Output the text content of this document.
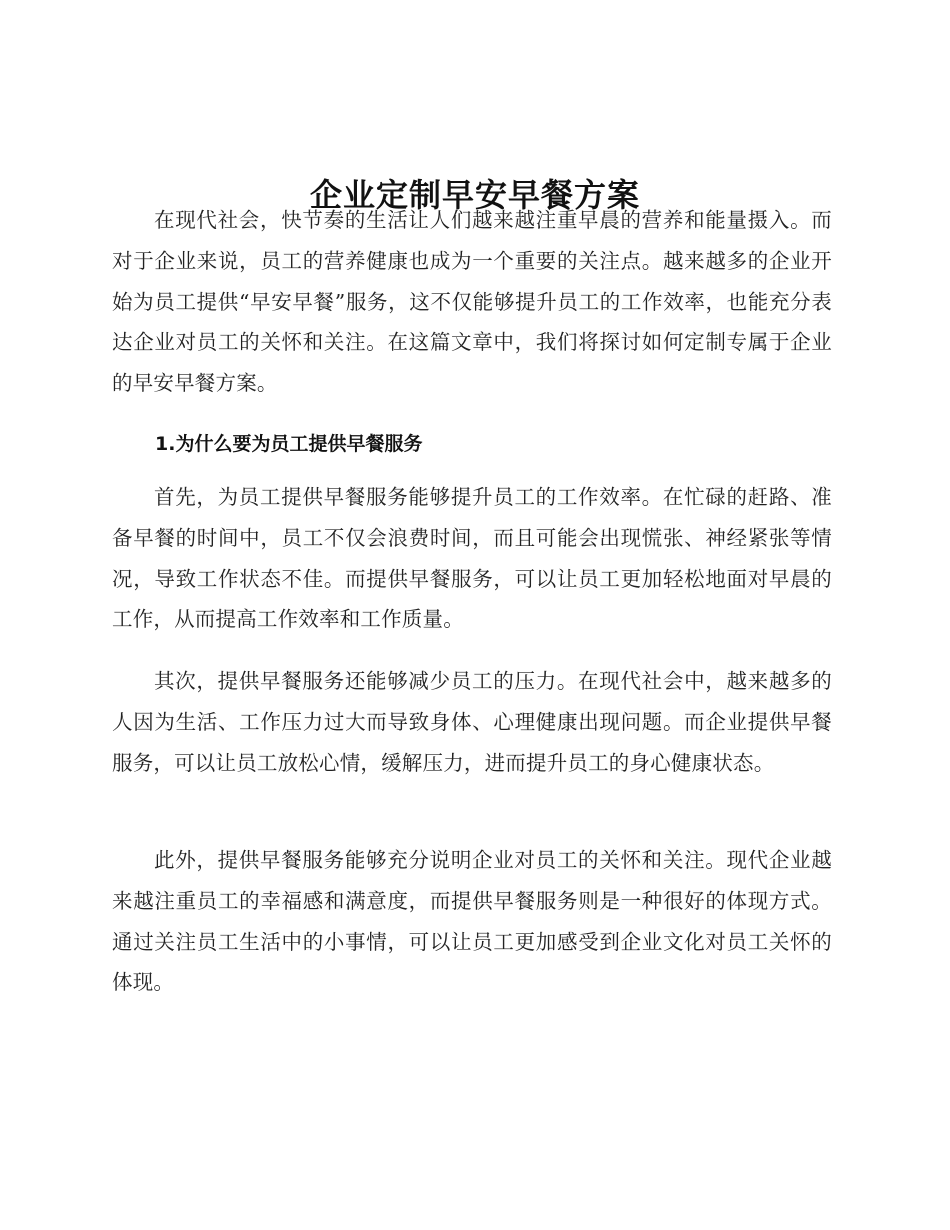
企业定制早安早餐方案

在现代社会，快节奏的生活让人们越来越注重早晨的营养和能量摄入。而对于企业来说，员工的营养健康也成为一个重要的关注点。越来越多的企业开始为员工提供“早安早餐”服务，这不仅能够提升员工的工作效率，也能充分表达企业对员工的关怀和关注。在这篇文章中，我们将探讨如何定制专属于企业的早安早餐方案。

1.为什么要为员工提供早餐服务

首先，为员工提供早餐服务能够提升员工的工作效率。在忙碌的赶路、准备早餐的时间中，员工不仅会浪费时间，而且可能会出现慌张、神经紧张等情况，导致工作状态不佳。而提供早餐服务，可以让员工更加轻松地面对早晨的工作，从而提高工作效率和工作质量。

其次，提供早餐服务还能够减少员工的压力。在现代社会中，越来越多的人因为生活、工作压力过大而导致身体、心理健康出现问题。而企业提供早餐服务，可以让员工放松心情，缓解压力，进而提升员工的身心健康状态。

此外，提供早餐服务能够充分说明企业对员工的关怀和关注。现代企业越来越注重员工的幸福感和满意度，而提供早餐服务则是一种很好的体现方式。通过关注员工生活中的小事情，可以让员工更加感受到企业文化对员工关怀的体现。
